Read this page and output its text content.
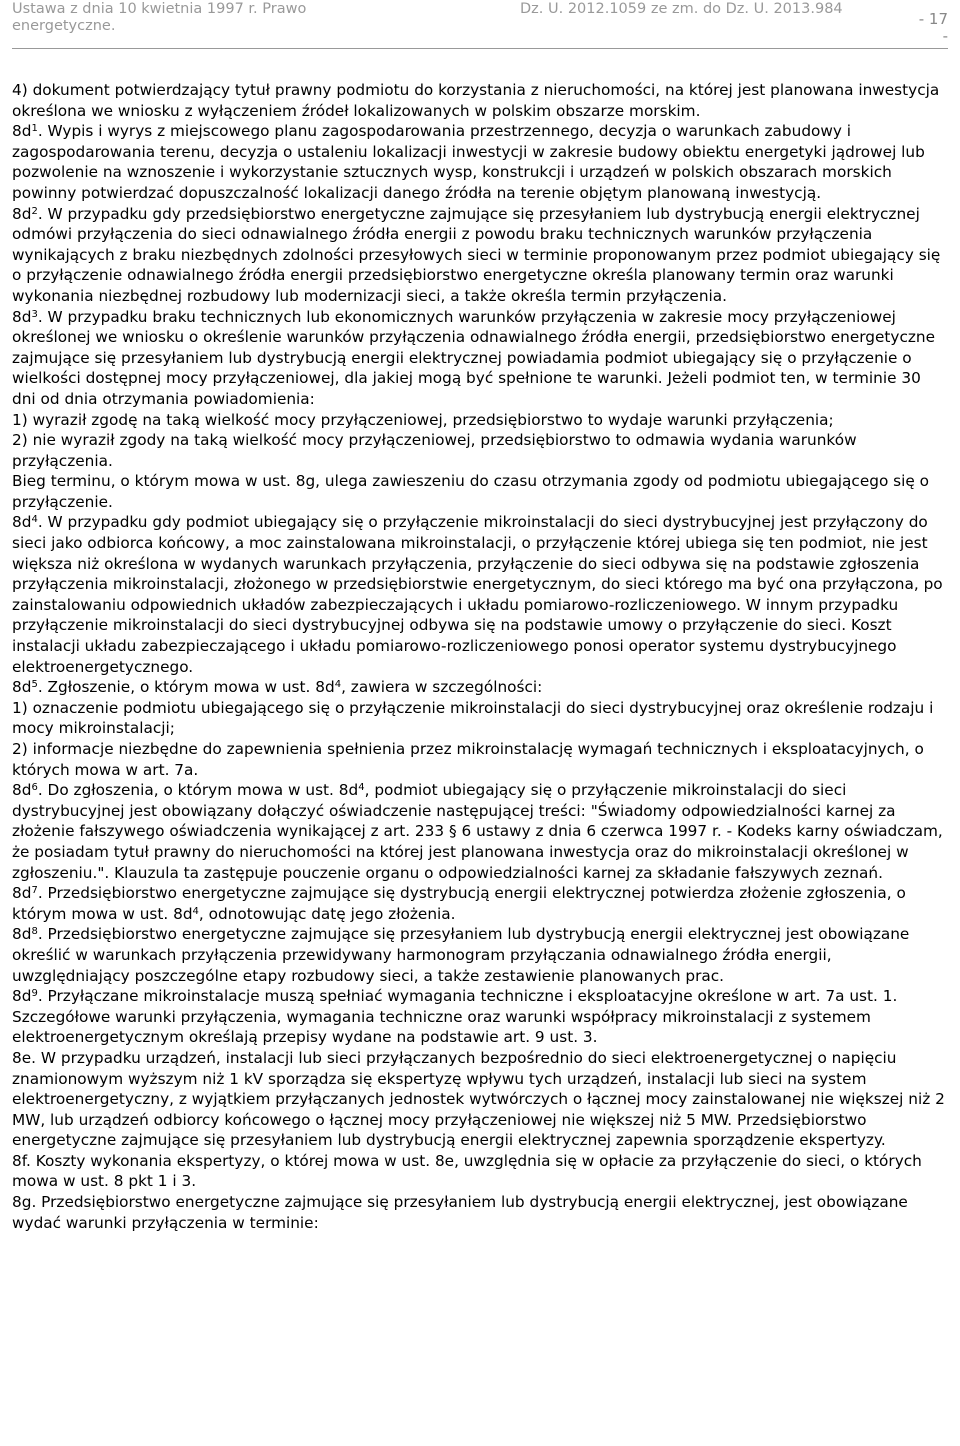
Ustawa z dnia 10 kwietnia 1997 r. Prawo
energetyczne.
Dz. U. 2012.1059 ze zm. do Dz. U. 2013.984
- 17
-

4) dokument potwierdzający tytuł prawny podmiotu do korzystania z nieruchomości, na której jest planowana inwestycja określona we wniosku z wyłączeniem źródeł lokalizowanych w polskim obszarze morskim.

$8d^1$. Wypis i wyrys z miejscowego planu zagospodarowania przestrzennego, decyzja o warunkach zabudowy i zagospodarowania terenu, decyzja o ustaleniu lokalizacji inwestycji w zakresie budowy obiektu energetyki jądrowej lub pozwolenie na wznoszenie i wykorzystanie sztucznych wysp, konstrukcji i urządzeń w polskich obszarach morskich powinny potwierdzać dopuszczalność lokalizacji danego źródła na terenie objętym planowaną inwestycją.

$8d^2$. W przypadku gdy przedsiębiorstwo energetyczne zajmujące się przesyłaniem lub dystrybucją energii elektrycznej odmówi przyłączenia do sieci odnawialnego źródła energii z powodu braku technicznych warunków przyłączenia wynikających z braku niezbędnych zdolności przesyłowych sieci w terminie proponowanym przez podmiot ubiegający się o przyłączenie odnawialnego źródła energii przedsiębiorstwo energetyczne określa planowany termin oraz warunki wykonania niezbędnej rozbudowy lub modernizacji sieci, a także określa termin przyłączenia.

$8d^3$. W przypadku braku technicznych lub ekonomicznych warunków przyłączenia w zakresie mocy przyłączeniowej określonej we wniosku o określenie warunków przyłączenia odnawialnego źródła energii, przedsiębiorstwo energetyczne zajmujące się przesyłaniem lub dystrybucją energii elektrycznej powiadamia podmiot ubiegający się o przyłączenie o wielkości dostępnej mocy przyłączeniowej, dla jakiej mogą być spełnione te warunki. Jeżeli podmiot ten, w terminie 30 dni od dnia otrzymania powiadomienia:

1) wyraził zgodę na taką wielkość mocy przyłączeniowej, przedsiębiorstwo to wydaje warunki przyłączenia;

2) nie wyraził zgody na taką wielkość mocy przyłączeniowej, przedsiębiorstwo to odmawia wydania warunków przyłączenia.

Bieg terminu, o którym mowa w ust. 8g, ulega zawieszeniu do czasu otrzymania zgody od podmiotu ubiegającego się o przyłączenie.

$8d^4$. W przypadku gdy podmiot ubiegający się o przyłączenie mikroinstalacji do sieci dystrybucyjnej jest przyłączony do sieci jako odbiorca końcowy, a moc zainstalowana mikroinstalacji, o przyłączenie której ubiega się ten podmiot, nie jest większa niż określona w wydanych warunkach przyłączenia, przyłączenie do sieci odbywa się na podstawie zgłoszenia przyłączenia mikroinstalacji, złożonego w przedsiębiorstwie energetycznym, do sieci którego ma być ona przyłączona, po zainstalowaniu odpowiednich układów zabezpieczających i układu pomiarowo-rozliczeniowego. W innym przypadku przyłączenie mikroinstalacji do sieci dystrybucyjnej odbywa się na podstawie umowy o przyłączenie do sieci. Koszt instalacji układu zabezpieczającego i układu pomiarowo-rozliczeniowego ponosi operator systemu dystrybucyjnego elektroenergetycznego.

$8d^5$. Zgłoszenie, o którym mowa w ust. $8d^4$, zawiera w szczególności:

1) oznaczenie podmiotu ubiegającego się o przyłączenie mikroinstalacji do sieci dystrybucyjnej oraz określenie rodzaju i mocy mikroinstalacji;

2) informacje niezbędne do zapewnienia spełnienia przez mikroinstalację wymagań technicznych i eksploatacyjnych, o których mowa w art. 7a.

$8d^6$. Do zgłoszenia, o którym mowa w ust. $8d^4$, podmiot ubiegający się o przyłączenie mikroinstalacji do sieci dystrybucyjnej jest obowiązany dołączyć oświadczenie następującej treści: "Świadomy odpowiedzialności karnej za złożenie fałszywego oświadczenia wynikającej z art. 233 § 6 ustawy z dnia 6 czerwca 1997 r. - Kodeks karny oświadczam, że posiadam tytuł prawny do nieruchomości na której jest planowana inwestycja oraz do mikroinstalacji określonej w zgłoszeniu.". Klauzula ta zastępuje pouczenie organu o odpowiedzialności karnej za składanie fałszywych zeznań.

$8d^7$. Przedsiębiorstwo energetyczne zajmujące się dystrybucją energii elektrycznej potwierdza złożenie zgłoszenia, o którym mowa w ust. $8d^4$, odnotowując datę jego złożenia.

$8d^8$. Przedsiębiorstwo energetyczne zajmujące się przesyłaniem lub dystrybucją energii elektrycznej jest obowiązane określić w warunkach przyłączenia przewidywany harmonogram przyłączania odnawialnego źródła energii, uwzględniający poszczególne etapy rozbudowy sieci, a także zestawienie planowanych prac.

$8d^9$. Przyłączane mikroinstalacje muszą spełniać wymagania techniczne i eksploatacyjne określone w art. 7a ust. 1. Szczegółowe warunki przyłączenia, wymagania techniczne oraz warunki współpracy mikroinstalacji z systemem elektroenergetycznym określają przepisy wydane na podstawie art. 9 ust. 3.

8e. W przypadku urządzeń, instalacji lub sieci przyłączanych bezpośrednio do sieci elektroenergetycznej o napięciu znamionowym wyższym niż 1 kV sporządza się ekspertyzę wpływu tych urządzeń, instalacji lub sieci na system elektroenergetyczny, z wyjątkiem przyłączanych jednostek wytwórczych o łącznej mocy zainstalowanej nie większej niż 2 MW, lub urządzeń odbiorcy końcowego o łącznej mocy przyłączeniowej nie większej niż 5 MW. Przedsiębiorstwo energetyczne zajmujące się przesyłaniem lub dystrybucją energii elektrycznej zapewnia sporządzenie ekspertyzy.

8f. Koszty wykonania ekspertyzy, o której mowa w ust. 8e, uwzględnia się w opłacie za przyłączenie do sieci, o których mowa w ust. 8 pkt 1 i 3.

8g. Przedsiębiorstwo energetyczne zajmujące się przesyłaniem lub dystrybucją energii elektrycznej, jest obowiązane wydać warunki przyłączenia w terminie:
